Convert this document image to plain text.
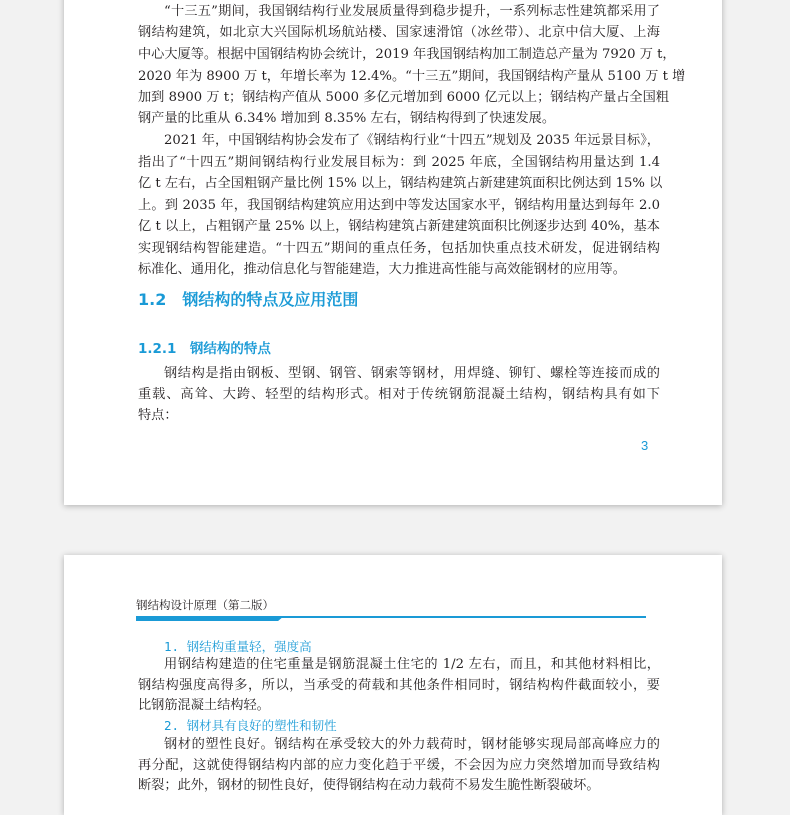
“十三五”期间，我国钢结构行业发展质量得到稳步提升，一系列标志性建筑都采用了
钢结构建筑，如北京大兴国际机场航站楼、国家速滑馆（冰丝带）、北京中信大厦、上海
中心大厦等。根据中国钢结构协会统计，2019 年我国钢结构加工制造总产量为 7920 万 t，
2020 年为 8900 万 t，年增长率为 12.4%。“十三五”期间，我国钢结构产量从 5100 万 t 增
加到 8900 万 t；钢结构产值从 5000 多亿元增加到 6000 亿元以上；钢结构产量占全国粗
钢产量的比重从 6.34% 增加到 8.35% 左右，钢结构得到了快速发展。
2021 年，中国钢结构协会发布了《钢结构行业“十四五”规划及 2035 年远景目标》，
指出了“十四五”期间钢结构行业发展目标为：到 2025 年底，全国钢结构用量达到 1.4
亿 t 左右，占全国粗钢产量比例 15% 以上，钢结构建筑占新建建筑面积比例达到 15% 以
上。到 2035 年，我国钢结构建筑应用达到中等发达国家水平，钢结构用量达到每年 2.0
亿 t 以上，占粗钢产量 25% 以上，钢结构建筑占新建建筑面积比例逐步达到 40%，基本
实现钢结构智能建造。“十四五”期间的重点任务，包括加快重点技术研发，促进钢结构
标准化、通用化，推动信息化与智能建造，大力推进高性能与高效能钢材的应用等。
1.2　钢结构的特点及应用范围
1.2.1　钢结构的特点
钢结构是指由钢板、型钢、钢管、钢索等钢材，用焊缝、铆钉、螺栓等连接而成的
重载、高耸、大跨、轻型的结构形式。相对于传统钢筋混凝土结构，钢结构具有如下
特点：
3
钢结构设计原理（第二版）
1. 钢结构重量轻，强度高
用钢结构建造的住宅重量是钢筋混凝土住宅的 1/2 左右，而且，和其他材料相比，
钢结构强度高得多，所以，当承受的荷载和其他条件相同时，钢结构构件截面较小，要
比钢筋混凝土结构轻。
2. 钢材具有良好的塑性和韧性
钢材的塑性良好。钢结构在承受较大的外力载荷时，钢材能够实现局部高峰应力的
再分配，这就使得钢结构内部的应力变化趋于平缓，不会因为应力突然增加而导致结构
断裂；此外，钢材的韧性良好，使得钢结构在动力载荷不易发生脆性断裂破坏。
